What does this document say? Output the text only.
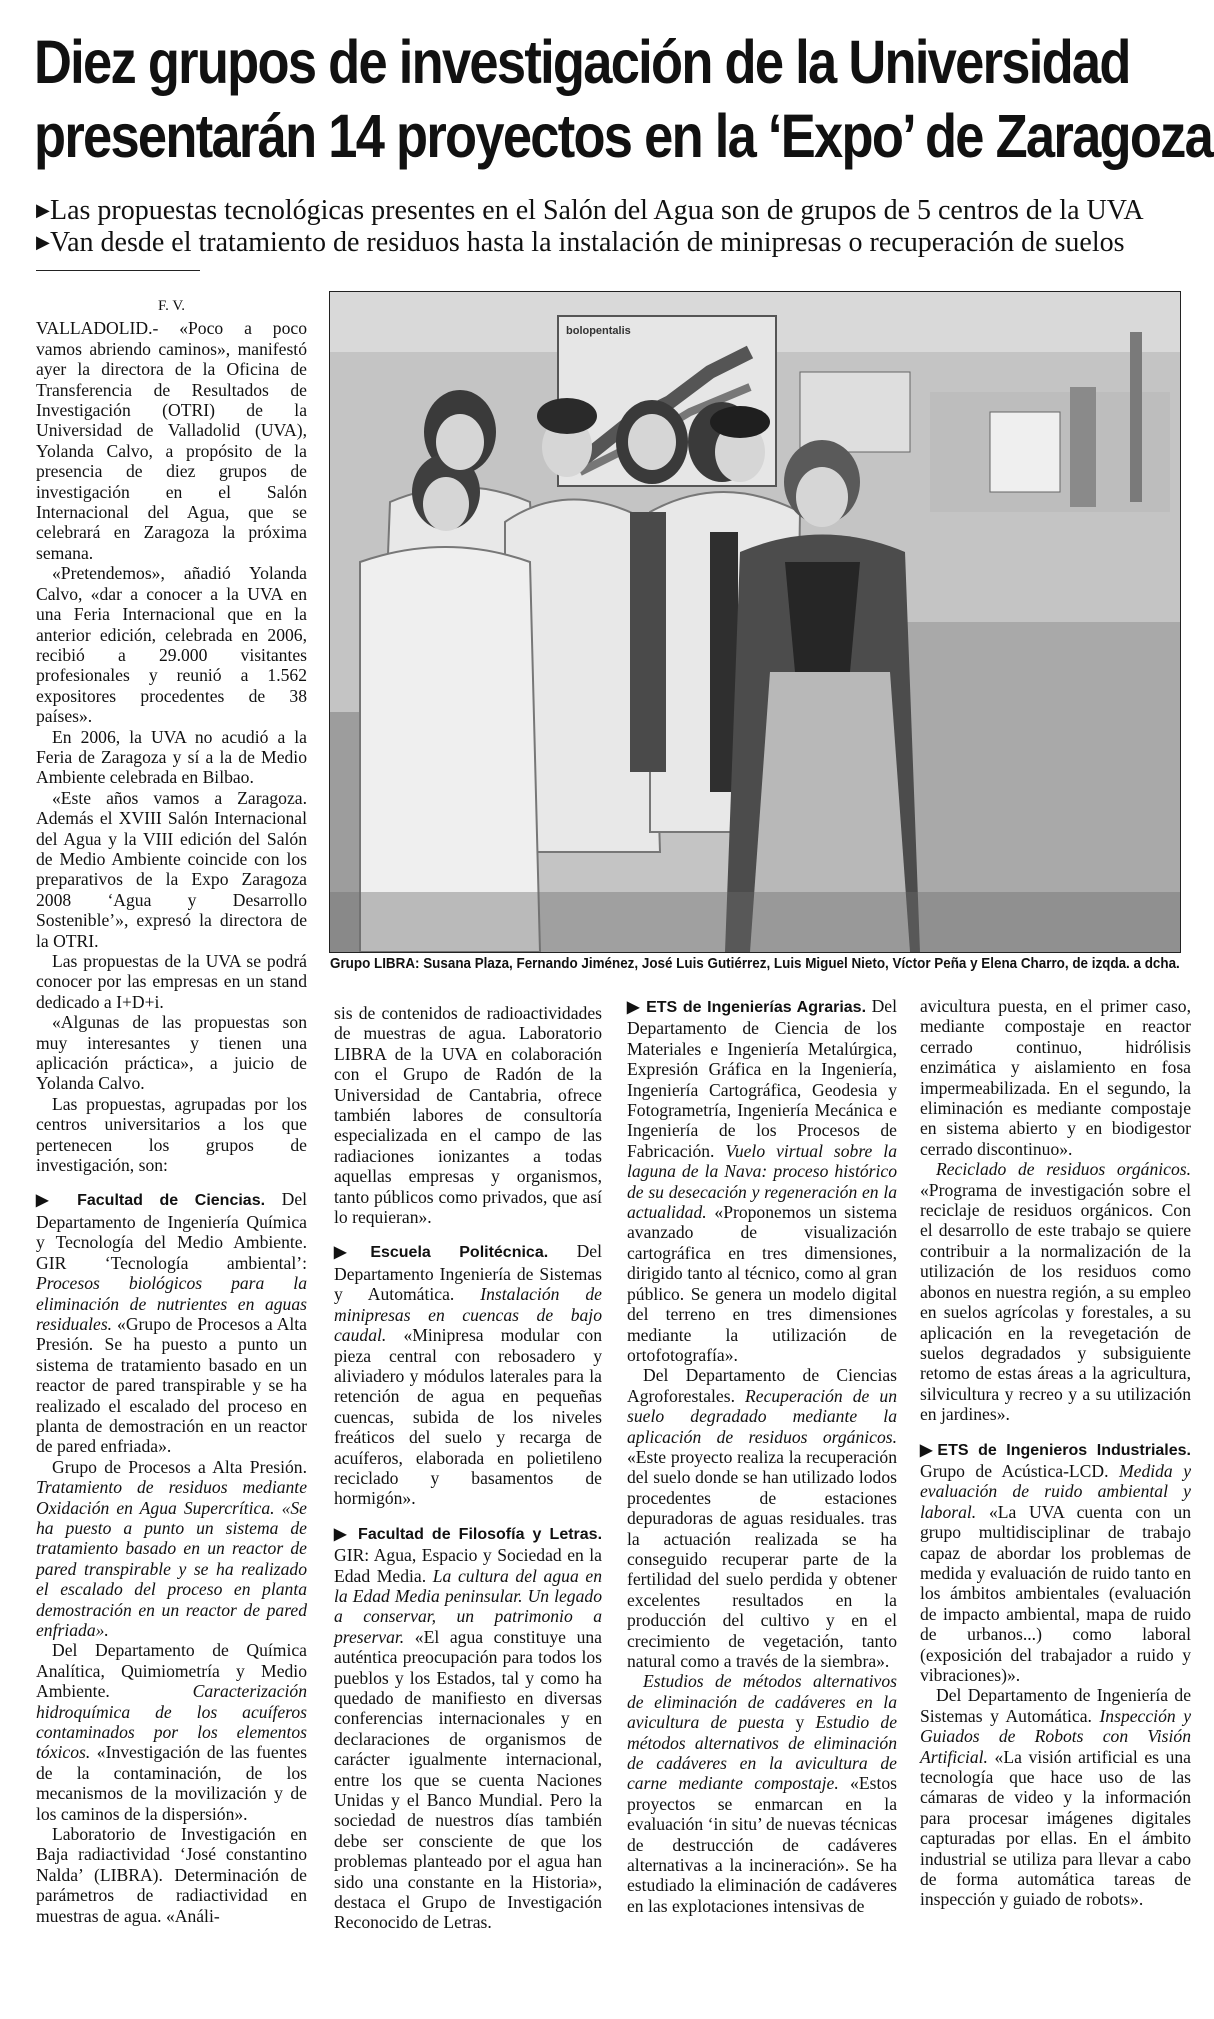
Diez grupos de investigación de la Universidad
presentarán 14 proyectos en la ‘Expo’ de Zaragoza
▶Las propuestas tecnológicas presentes en el Salón del Agua son de grupos de 5 centros de la UVA
▶Van desde el tratamiento de residuos hasta la instalación de minipresas o recuperación de suelos
bolopentalis
Grupo LIBRA: Susana Plaza, Fernando Jiménez, José Luis Gutiérrez, Luis Miguel Nieto, Víctor Peña y Elena Charro, de izqda. a dcha.
F. V.

VALLADOLID.- «Poco a poco vamos abriendo caminos», manifestó ayer la directora de la Oficina de Transferencia de Resultados de Investigación (OTRI) de la Universidad de Valladolid (UVA), Yolanda Calvo, a propósito de la presencia de diez grupos de investigación en el Salón Internacional del Agua, que se celebrará en Zaragoza la próxima semana.

«Pretendemos», añadió Yolanda Calvo, «dar a conocer a la UVA en una Feria Internacional que en la anterior edición, celebrada en 2006, recibió a 29.000 visitantes profesionales y reunió a 1.562 expositores procedentes de 38 países».

En 2006, la UVA no acudió a la Feria de Zaragoza y sí a la de Medio Ambiente celebrada en Bilbao.

«Este años vamos a Zaragoza. Además el XVIII Salón Internacional del Agua y la VIII edición del Salón de Medio Ambiente coincide con los preparativos de la Expo Zaragoza 2008 ‘Agua y Desarrollo Sostenible’», expresó la directora de la OTRI.

Las propuestas de la UVA se podrá conocer por las empresas en un stand dedicado a I+D+i.

«Algunas de las propuestas son muy interesantes y tienen una aplicación práctica», a juicio de Yolanda Calvo.

Las propuestas, agrupadas por los centros universitarios a los que pertenecen los grupos de investigación, son:

▶ Facultad de Ciencias. Del Departamento de Ingeniería Química y Tecnología del Medio Ambiente. GIR ‘Tecnología ambiental’: Procesos biológicos para la eliminación de nutrientes en aguas residuales. «Grupo de Procesos a Alta Presión. Se ha puesto a punto un sistema de tratamiento basado en un reactor de pared transpirable y se ha realizado el escalado del proceso en planta de demostración en un reactor de pared enfriada».

Grupo de Procesos a Alta Presión. Tratamiento de residuos mediante Oxidación en Agua Supercrítica. «Se ha puesto a punto un sistema de tratamiento basado en un reactor de pared transpirable y se ha realizado el escalado del proceso en planta demostración en un reactor de pared enfriada».

Del Departamento de Química Analítica, Quimiometría y Medio Ambiente. Caracterización hidroquímica de los acuíferos contaminados por los elementos tóxicos. «Investigación de las fuentes de la contaminación, de los mecanismos de la movilización y de los caminos de la dispersión».

Laboratorio de Investigación en Baja radiactividad ‘José constantino Nalda’ (LIBRA). Determinación de parámetros de radiactividad en muestras de agua. «Análi-

sis de contenidos de radioactividades de muestras de agua. Laboratorio LIBRA de la UVA en colaboración con el Grupo de Radón de la Universidad de Cantabria, ofrece también labores de consultoría especializada en el campo de las radiaciones ionizantes a todas aquellas empresas y organismos, tanto públicos como privados, que así lo requieran».

▶Escuela Politécnica. Del Departamento Ingeniería de Sistemas y Automática. Instalación de minipresas en cuencas de bajo caudal. «Minipresa modular con pieza central con rebosadero y aliviadero y módulos laterales para la retención de agua en pequeñas cuencas, subida de los niveles freáticos del suelo y recarga de acuíferos, elaborada en polietileno reciclado y basamentos de hormigón».

▶ Facultad de Filosofía y Letras. GIR: Agua, Espacio y Sociedad en la Edad Media. La cultura del agua en la Edad Media peninsular. Un legado a conservar, un patrimonio a preservar. «El agua constituye una auténtica preocupación para todos los pueblos y los Estados, tal y como ha quedado de manifiesto en diversas conferencias internacionales y en declaraciones de organismos de carácter igualmente internacional, entre los que se cuenta Naciones Unidas y el Banco Mundial. Pero la sociedad de nuestros días también debe ser consciente de que los problemas planteado por el agua han sido una constante en la Historia», destaca el Grupo de Investigación Reconocido de Letras.

▶ ETS de Ingenierías Agrarias. Del Departamento de Ciencia de los Materiales e Ingeniería Metalúrgica, Expresión Gráfica en la Ingeniería, Ingeniería Cartográfica, Geodesia y Fotogrametría, Ingeniería Mecánica e Ingeniería de los Procesos de Fabricación. Vuelo virtual sobre la laguna de la Nava: proceso histórico de su desecación y regeneración en la actualidad. «Proponemos un sistema avanzado de visualización cartográfica en tres dimensiones, dirigido tanto al técnico, como al gran público. Se genera un modelo digital del terreno en tres dimensiones mediante la utilización de ortofotografía».

Del Departamento de Ciencias Agroforestales. Recuperación de un suelo degradado mediante la aplicación de residuos orgánicos. «Este proyecto realiza la recuperación del suelo donde se han utilizado lodos procedentes de estaciones depuradoras de aguas residuales. tras la actuación realizada se ha conseguido recuperar parte de la fertilidad del suelo perdida y obtener excelentes resultados en la producción del cultivo y en el crecimiento de vegetación, tanto natural como a través de la siembra».

Estudios de métodos alternativos de eliminación de cadáveres en la avicultura de puesta y Estudio de métodos alternativos de eliminación de cadáveres en la avicultura de carne mediante compostaje. «Estos proyectos se enmarcan en la evaluación ‘in situ’ de nuevas técnicas de destrucción de cadáveres alternativas a la incineración». Se ha estudiado la eliminación de cadáveres en las explotaciones intensivas de

avicultura puesta, en el primer caso, mediante compostaje en reactor cerrado continuo, hidrólisis enzimática y aislamiento en fosa impermeabilizada. En el segundo, la eliminación es mediante compostaje en sistema abierto y en biodigestor cerrado discontinuo».

Reciclado de residuos orgánicos. «Programa de investigación sobre el reciclaje de residuos orgánicos. Con el desarrollo de este trabajo se quiere contribuir a la normalización de la utilización de los residuos como abonos en nuestra región, a su empleo en suelos agrícolas y forestales, a su aplicación en la revegetación de suelos degradados y subsiguiente retomo de estas áreas a la agricultura, silvicultura y recreo y a su utilización en jardines».

▶ETS de Ingenieros Industriales. Grupo de Acústica-LCD. Medida y evaluación de ruido ambiental y laboral. «La UVA cuenta con un grupo multidisciplinar de trabajo capaz de abordar los problemas de medida y evaluación de ruido tanto en los ámbitos ambientales (evaluación de impacto ambiental, mapa de ruido de urbanos...) como laboral (exposición del trabajador a ruido y vibraciones)».

Del Departamento de Ingeniería de Sistemas y Automática. Inspección y Guiados de Robots con Visión Artificial. «La visión artificial es una tecnología que hace uso de las cámaras de video y la información para procesar imágenes digitales capturadas por ellas. En el ámbito industrial se utiliza para llevar a cabo de forma automática tareas de inspección y guiado de robots».
